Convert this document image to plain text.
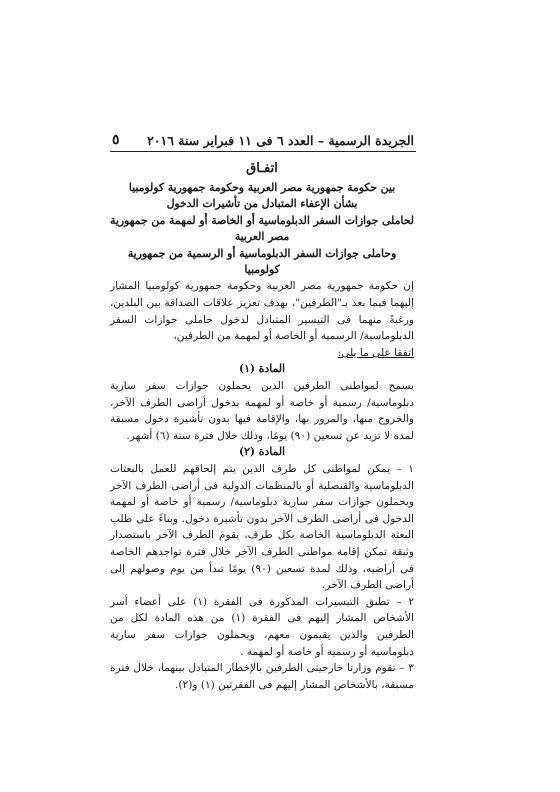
الجريدة الرسمية – العدد ٦ فى ١١ فبراير سنة ٢٠١٦
٥
اتفـاق
بين حكومة جمهورية مصر العربية وحكومة جمهورية كولومبيا
بشأن الإعفاء المتبادل من تأشيرات الدخول
لحاملى جوازات السفر الدبلوماسية أو الخاصة أو لمهمة من جمهورية مصر العربية
وحاملى جوازات السفر الدبلوماسية أو الرسمية من جمهورية كولومبيا

إن حكومة جمهورية مصر العربية وحكومة جمهورية كولومبيا المشار إليهما فيما بعد بـ"الطرفين"، بهدف تعزيز علاقات الصداقة بين البلدين، ورغبةً منهما فى التيسير المتبادل لدخول حاملى جوازات السفر الدبلوماسية/ الرسمية أو الخاصة أو لمهمة من الطرفين،

اتفقا على ما يلى:

المادة (١)

يسمح لمواطنى الطرفين الذين يحملون جوازات سفر سارية دبلوماسية/ رسمية أو خاصة أو لمهمة بدخول أراضى الطرف الآخر، والخروج منها، والمرور بها، والإقامة فيها بدون تأشيرة دخول مسبقة لمدة لا تزيد عن تسعين (٩٠) يومًا، وذلك خلال فترة ستة (٦) أشهر.

المادة (٢)

١ – يمكن لمواطنى كل طرف الذين يتم إلحاقهم للعمل بالبعثات الدبلوماسية والقنصلية أو بالمنظمات الدولية فى أراضى الطرف الآخر ويحملون جوازات سفر سارية دبلوماسية/ رسمية أو خاصة أو لمهمة الدخول فى أراضى الطرف الآخر بدون تأشيرة دخول. وبناءً على طلب البعثة الدبلوماسية الخاصة بكل طرف، يقوم الطرف الآخر باستصدار وثيقة تمكن إقامة مواطنى الطرف الآخر خلال فترة تواجدهم الخاصة فى أراضيه، وذلك لمدة تسعين (٩٠) يومًا تبدأ من يوم وصولهم إلى أراضى الطرف الآخر.

٢ – تطبق التيسيرات المذكورة فى الفقرة (١) على أعضاء أسر الأشخاص المشار إليهم فى الفقرة (١) من هذه المادة لكل من الطرفين والذين يقيمون معهم، ويحملون جوازات سفر سارية دبلوماسية أو رسمية أو خاصة أو لمهمة .

٣ – تقوم وزارتا خارجيتى الطرفين بالإخطار المتبادل بينهما، خلال فترة مسبقة، بالأشخاص المشار إليهم فى الفقرتين (١) و(٢).
